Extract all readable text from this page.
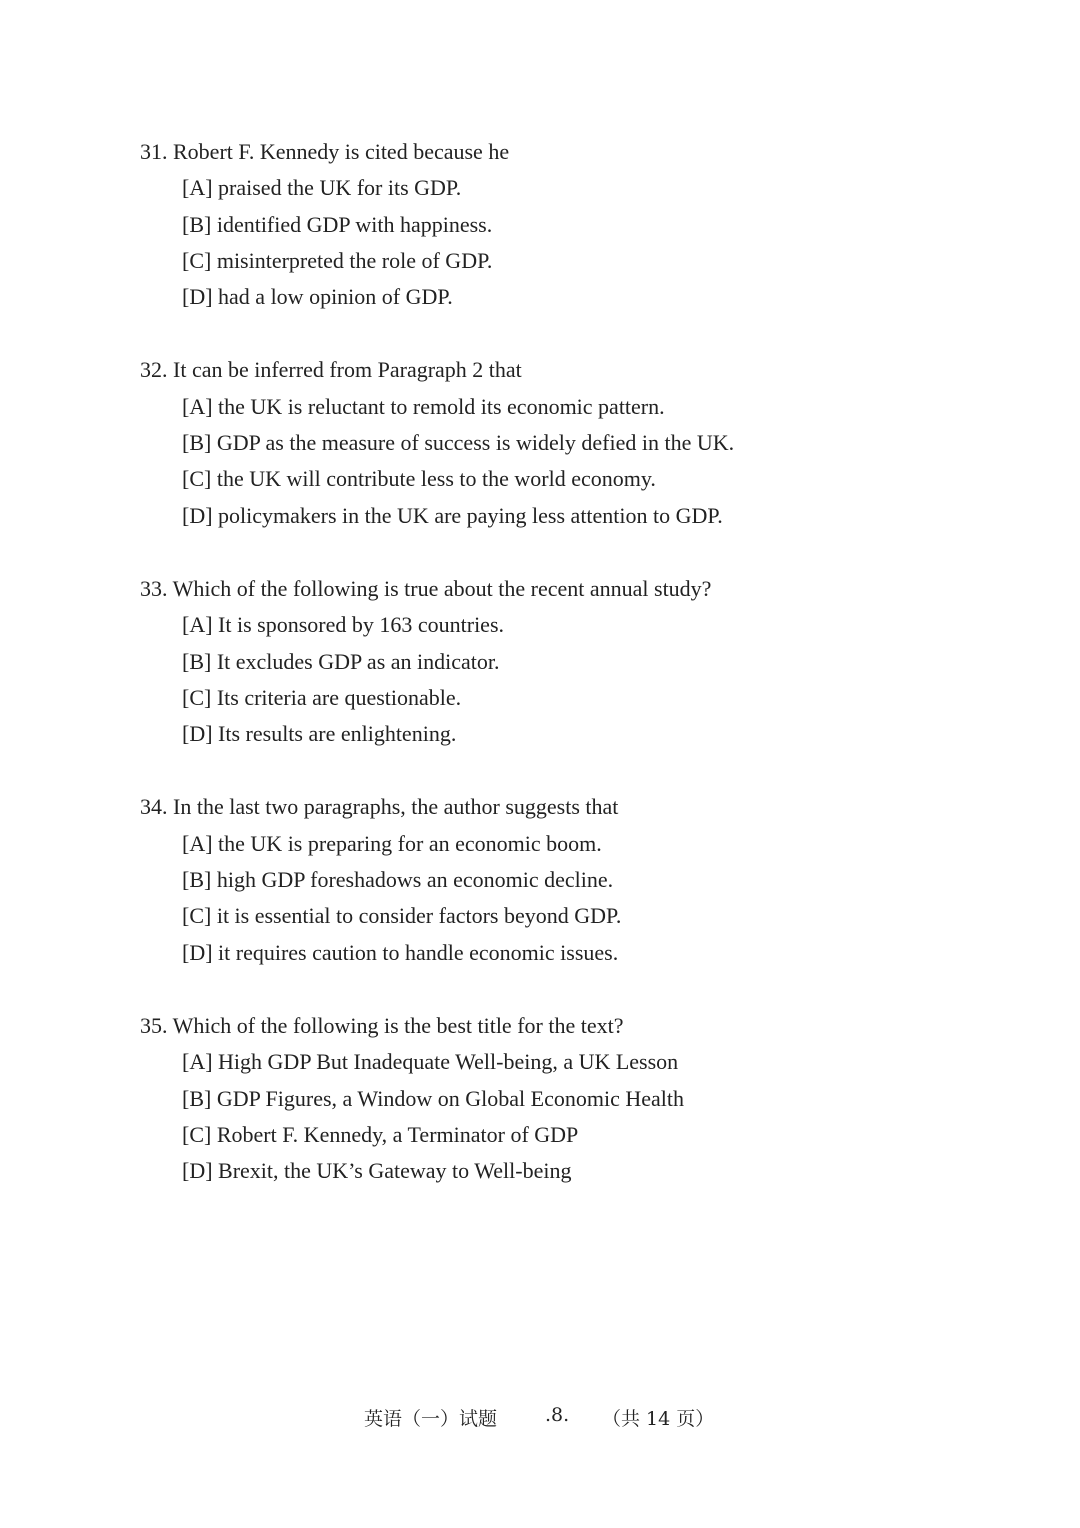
31. Robert F. Kennedy is cited because he
[A] praised the UK for its GDP.
[B] identified GDP with happiness.
[C] misinterpreted the role of GDP.
[D] had a low opinion of GDP.
32. It can be inferred from Paragraph 2 that
[A] the UK is reluctant to remold its economic pattern.
[B] GDP as the measure of success is widely defied in the UK.
[C] the UK will contribute less to the world economy.
[D] policymakers in the UK are paying less attention to GDP.
33. Which of the following is true about the recent annual study?
[A] It is sponsored by 163 countries.
[B] It excludes GDP as an indicator.
[C] Its criteria are questionable.
[D] Its results are enlightening.
34. In the last two paragraphs, the author suggests that
[A] the UK is preparing for an economic boom.
[B] high GDP foreshadows an economic decline.
[C] it is essential to consider factors beyond GDP.
[D] it requires caution to handle economic issues.
35. Which of the following is the best title for the text?
[A] High GDP But Inadequate Well-being, a UK Lesson
[B] GDP Figures, a Window on Global Economic Health
[C] Robert F. Kennedy, a Terminator of GDP
[D] Brexit, the UK’s Gateway to Well-being
英语（一）试题	.8. （共 14 页）
